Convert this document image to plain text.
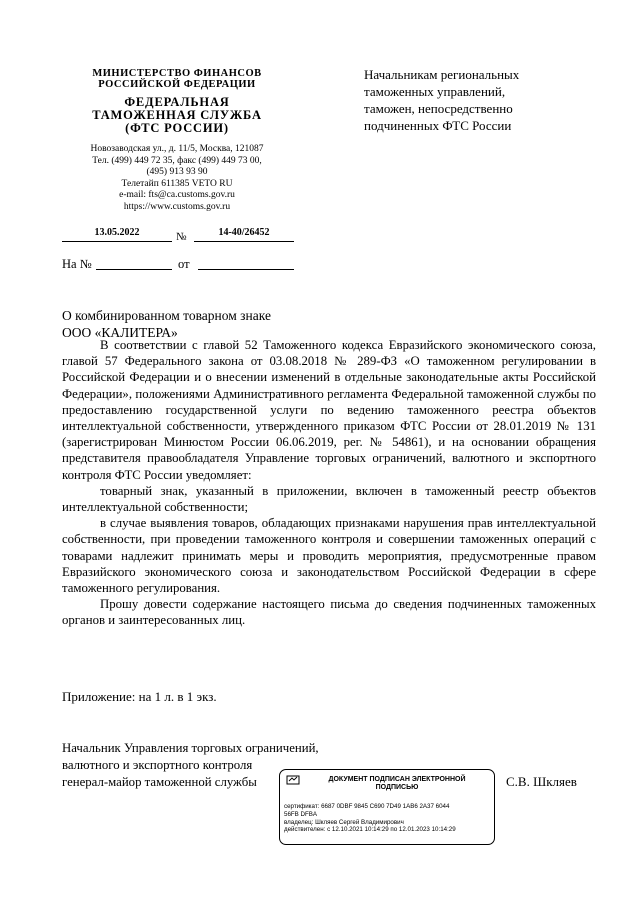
МИНИСТЕРСТВО ФИНАНСОВ
РОССИЙСКОЙ ФЕДЕРАЦИИ
ФЕДЕРАЛЬНАЯ
ТАМОЖЕННАЯ СЛУЖБА
(ФТС РОССИИ)
Новозаводская ул., д. 11/5, Москва, 121087
Тел. (499) 449 72 35, факс (499) 449 73 00,
(495) 913 93 90
Телетайп 611385 VETO RU
e-mail: fts@ca.customs.gov.ru
https://www.customs.gov.ru
13.05.2022	№	14-40/26452
На №	от
Начальникам региональных
таможенных управлений,
таможен, непосредственно
подчиненных ФТС России
О комбинированном товарном знаке
ООО «КАЛИТЕРА»

В соответствии с главой 52 Таможенного кодекса Евразийского экономического союза, главой 57 Федерального закона от 03.08.2018 № 289-ФЗ «О таможенном регулировании в Российской Федерации и о внесении изменений в отдельные законодательные акты Российской Федерации», положениями Административного регламента Федеральной таможенной службы по предоставлению государственной услуги по ведению таможенного реестра объектов интеллектуальной собственности, утвержденного приказом ФТС России от 28.01.2019 № 131 (зарегистрирован Минюстом России 06.06.2019, рег. № 54861), и на основании обращения представителя правообладателя Управление торговых ограничений, валютного и экспортного контроля ФТС России уведомляет:

товарный знак, указанный в приложении, включен в таможенный реестр объектов интеллектуальной собственности;

в случае выявления товаров, обладающих признаками нарушения прав интеллектуальной собственности, при проведении таможенного контроля и совершении таможенных операций с товарами надлежит принимать меры и проводить мероприятия, предусмотренные правом Евразийского экономического союза и законодательством Российской Федерации в сфере таможенного регулирования.

Прошу довести содержание настоящего письма до сведения подчиненных таможенных органов и заинтересованных лиц.

Приложение: на 1 л. в 1 экз.
Начальник Управления торговых ограничений,
валютного и экспортного контроля
генерал-майор таможенной службы	ДОКУМЕНТ ПОДПИСАН ЭЛЕКТРОННОЙ
ПОДПИСЬЮ
сертификат: 6687 0DBF 9845 C690 7D49 1AB6 2A37 6044
56FB DFBA
владелец: Шкляев Сергей Владимирович
действителен: с 12.10.2021 10:14:29 по 12.01.2023 10:14:29
С.В. Шкляев
